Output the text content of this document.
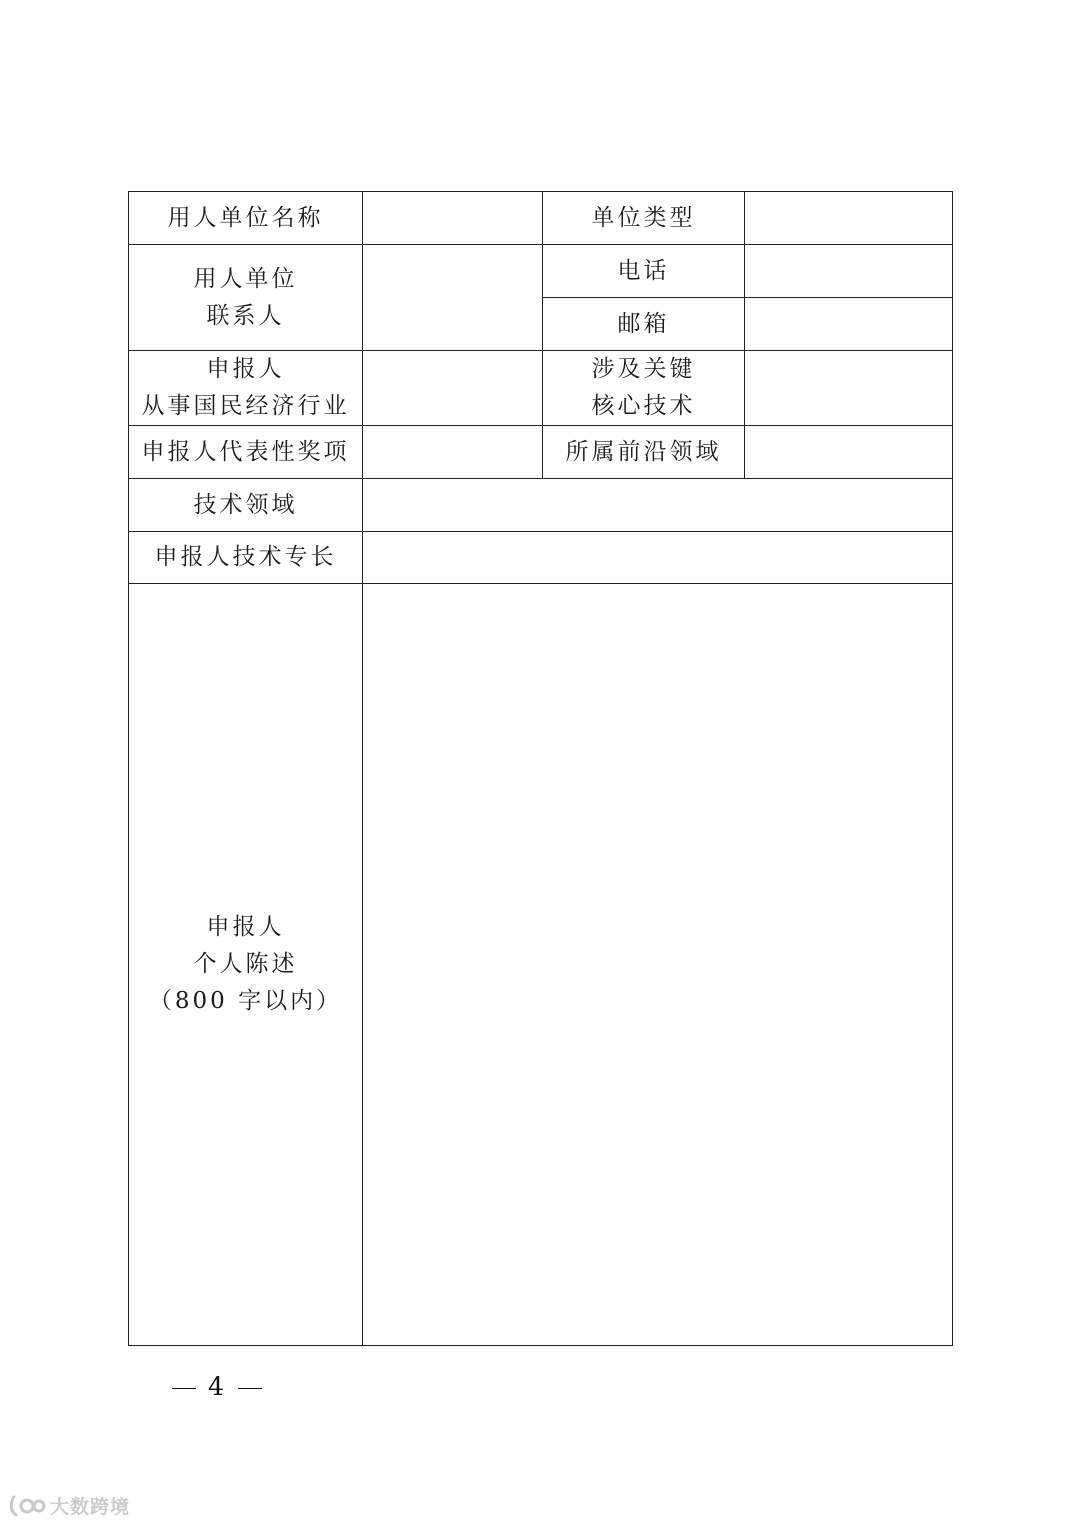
用人单位名称		单位类型	

用人单位
联系人		电话	
		邮箱	

申报人
从事国民经济行业		涉及关键
核心技术	

申报人代表性奖项		所属前沿领域	
技术领域			
申报人技术专长			

申报人
个人陈述
（800 字以内）			

4
大数跨境
